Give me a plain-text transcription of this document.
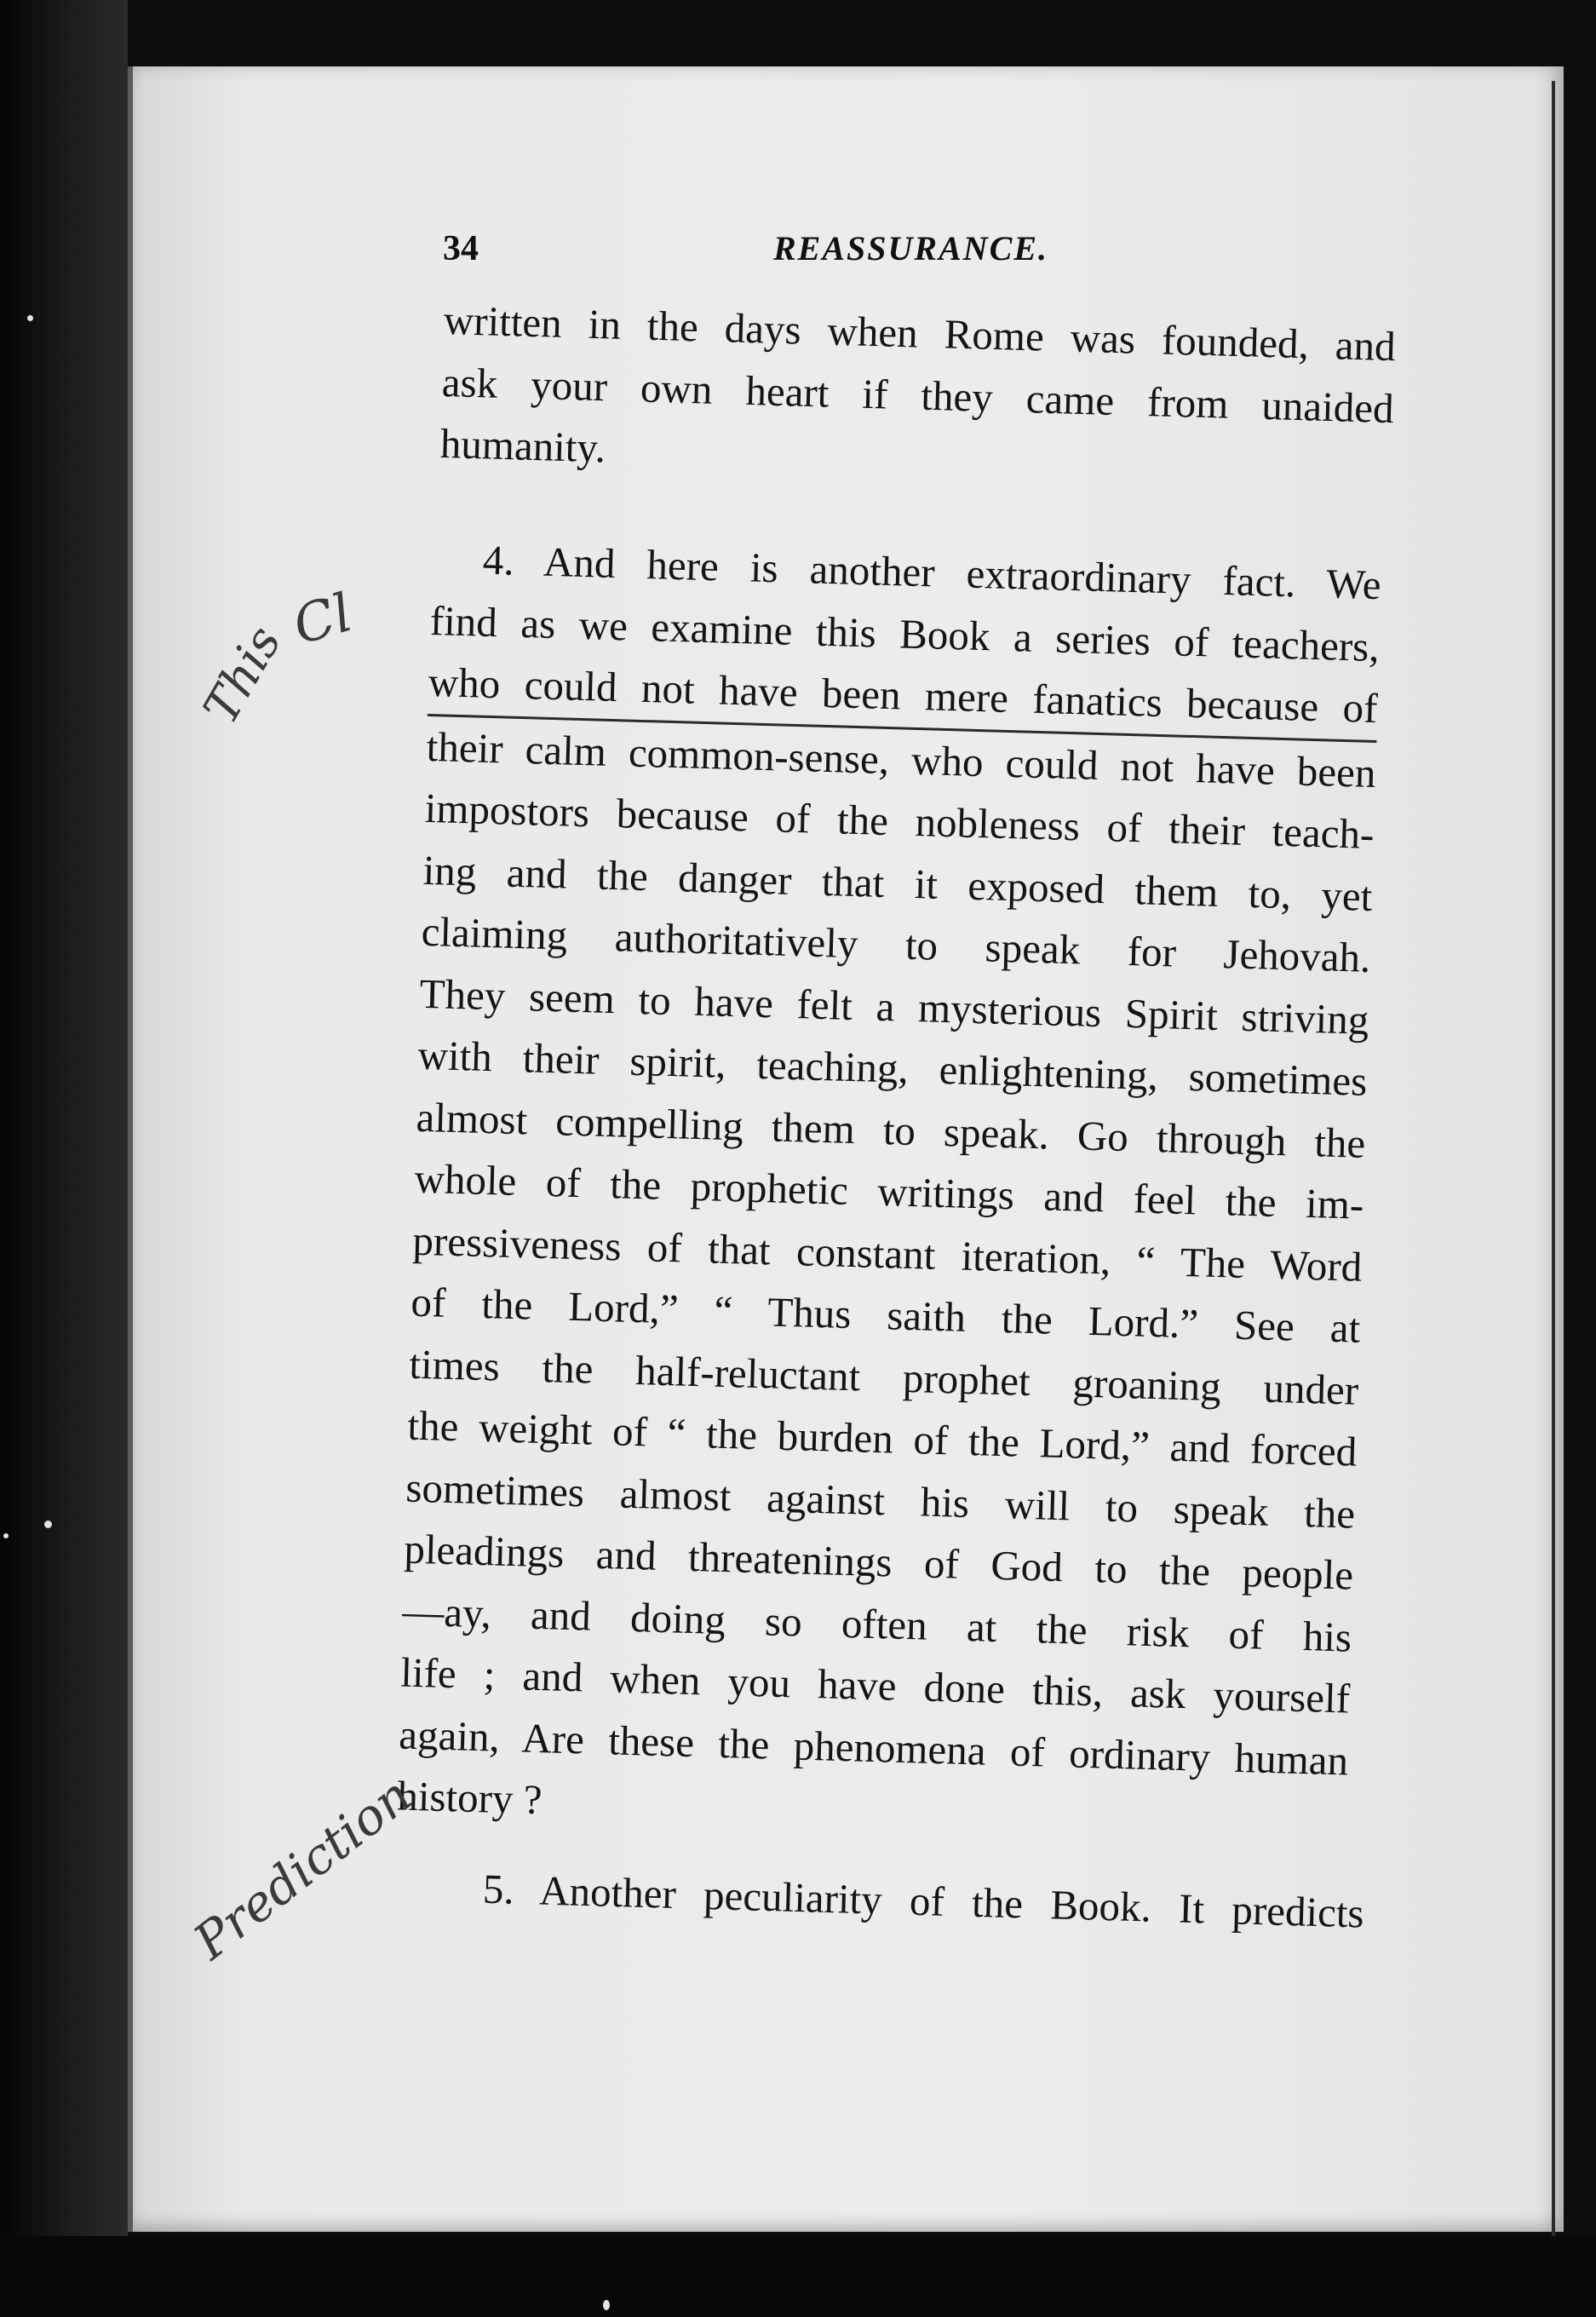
34	REASSURANCE.
written in the days when Rome was founded, and
ask your own heart if they came from unaided
humanity.
4. And here is another extraordinary fact. We
find as we examine this Book a series of teachers,
who could not have been mere fanatics because of
their calm common-sense, who could not have been
impostors because of the nobleness of their teach-
ing and the danger that it exposed them to, yet
claiming authoritatively to speak for Jehovah.
They seem to have felt a mysterious Spirit striving
with their spirit, teaching, enlightening, sometimes
almost compelling them to speak. Go through the
whole of the prophetic writings and feel the im-
pressiveness of that constant iteration, “ The Word
of the Lord,” “ Thus saith the Lord.” See at
times the half-reluctant prophet groaning under
the weight of “ the burden of the Lord,” and forced
sometimes almost against his will to speak the
pleadings and threatenings of God to the people
—ay, and doing so often at the risk of his
life ; and when you have done this, ask yourself
again, Are these the phenomena of ordinary human
history ?
5. Another peculiarity of the Book. It predicts
Cl
This
Prediction
